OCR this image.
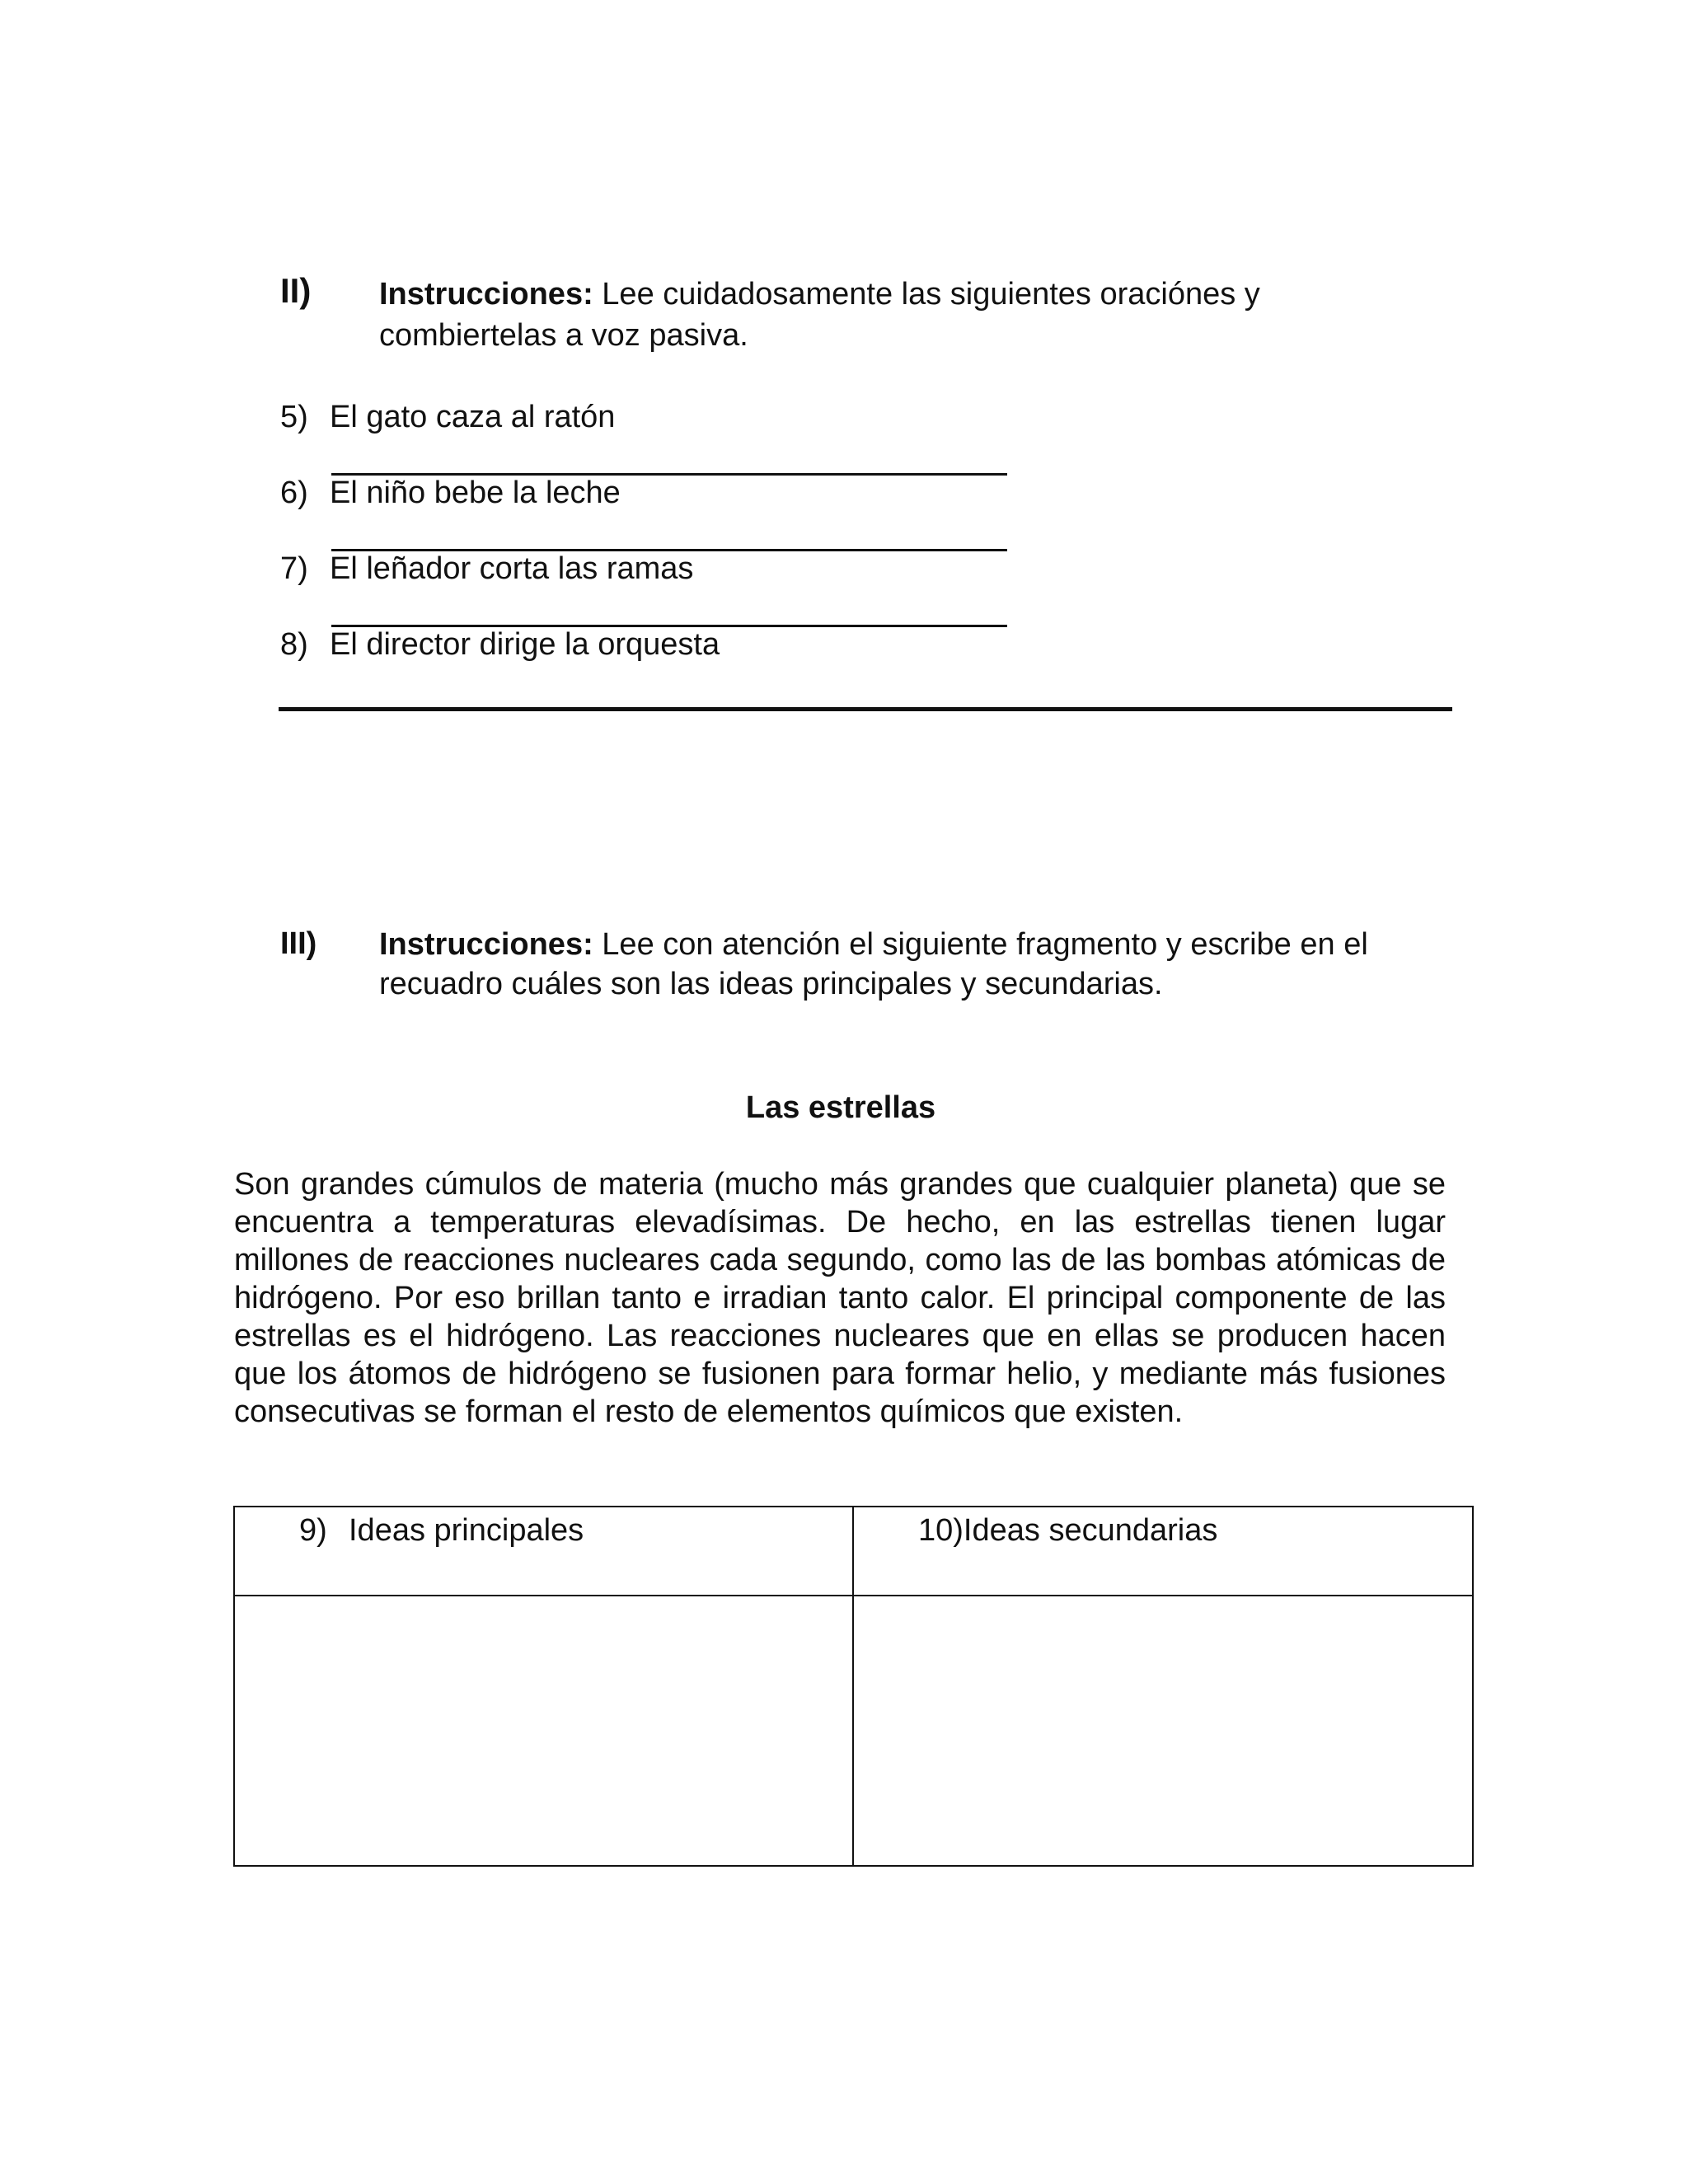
II) Instrucciones: Lee cuidadosamente las siguientes oraciónes y combiertelas a voz pasiva.
5) El gato caza al ratón
6) El niño bebe la leche
7) El leñador corta las ramas
8) El director dirige la orquesta
III) Instrucciones: Lee con atención el siguiente fragmento y escribe en el recuadro cuáles son las ideas principales y secundarias.
Las estrellas
Son grandes cúmulos de materia (mucho más grandes que cualquier planeta) que se encuentra a temperaturas elevadísimas. De hecho, en las estrellas tienen lugar millones de reacciones nucleares cada segundo, como las de las bombas atómicas de hidrógeno. Por eso brillan tanto e irradian tanto calor. El principal componente de las estrellas es el hidrógeno. Las reacciones nucleares que en ellas se producen hacen que los átomos de hidrógeno se fusionen para formar helio, y mediante más fusiones consecutivas se forman el resto de elementos químicos que existen.
9) Ideas principales	10)Ideas secundarias
